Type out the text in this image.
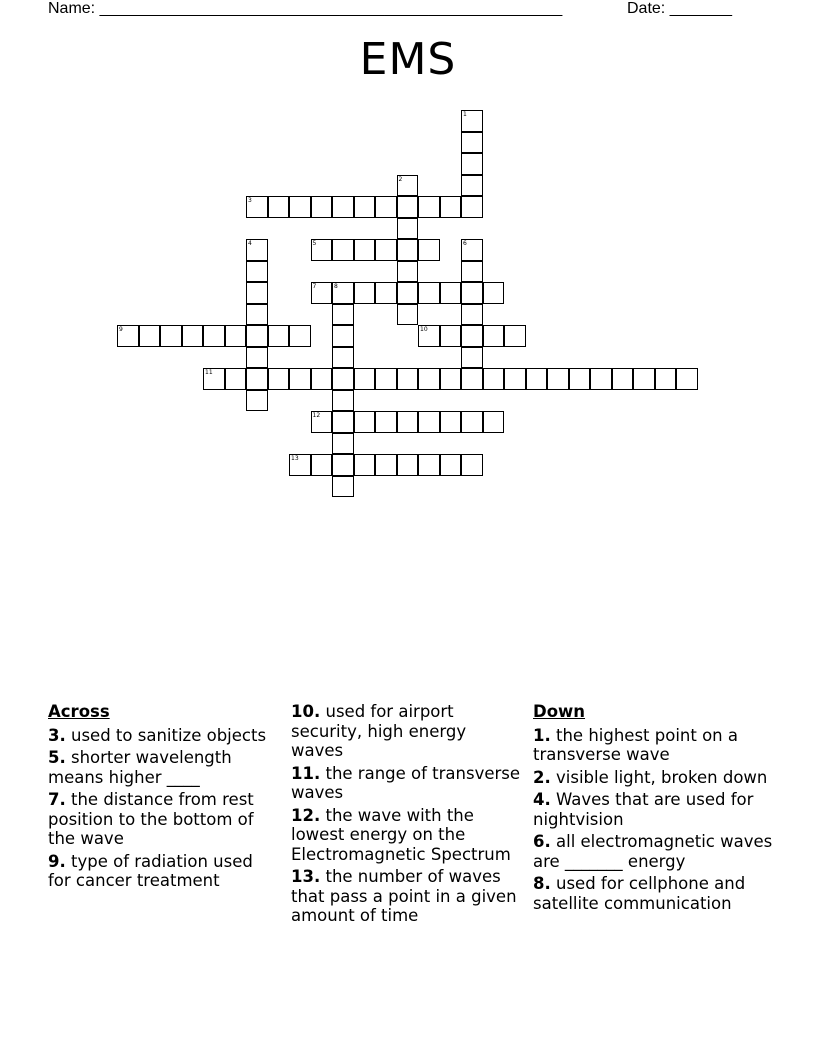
Name: ____________________________________________________	Date: _______
EMS
1
2
3
4	5	6
7	8
9	10
11
12
13
Across
3. used to sanitize objects
5. shorter wavelength means higher ____
7. the distance from rest position to the bottom of the wave
9. type of radiation used for cancer treatment
10. used for airport security, high energy waves
11. the range of transverse waves
12. the wave with the lowest energy on the Electromagnetic Spectrum
13. the number of waves that pass a point in a given amount of time
Down
1. the highest point on a transverse wave
2. visible light, broken down
4. Waves that are used for nightvision
6. all electromagnetic waves are _______ energy
8. used for cellphone and satellite communication
